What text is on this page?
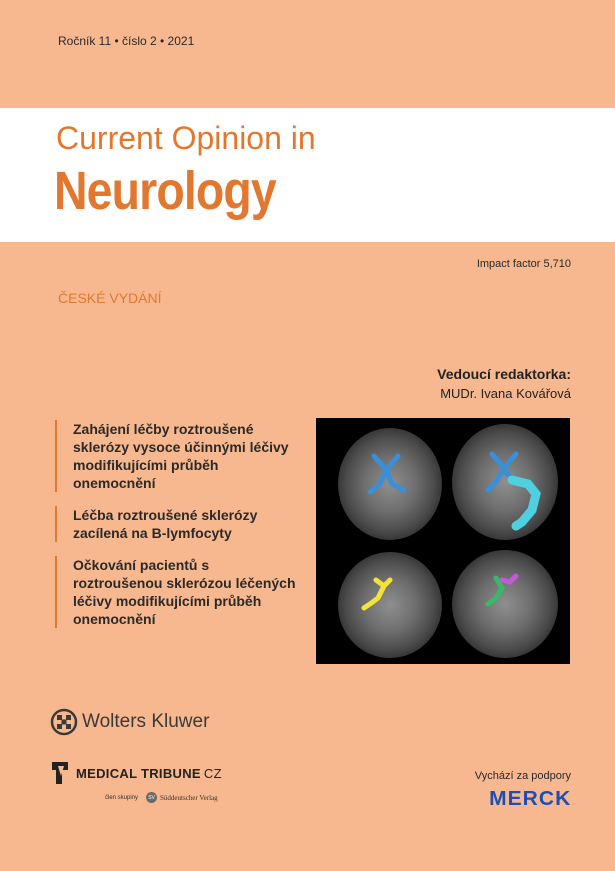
Ročník 11 • číslo 2 • 2021
Current Opinion in
Neurology
Impact factor 5,710
ČESKÉ VYDÁNÍ
Vedoucí redaktorka:
MUDr. Ivana Kovářová
Zahájení léčby roztroušené sklerózy vysoce účinnými léčivy modifikujícími průběh onemocnění
Léčba roztroušené sklerózy zacílená na B-lymfocyty
Očkování pacientů s roztroušenou sklerózou léčených léčivy modifikujícími průběh onemocnění
Wolters Kluwer
MEDICAL TRIBUNE CZ
člen skupiny	SV Süddeutscher Verlag
Vychází za podpory
MERCK
